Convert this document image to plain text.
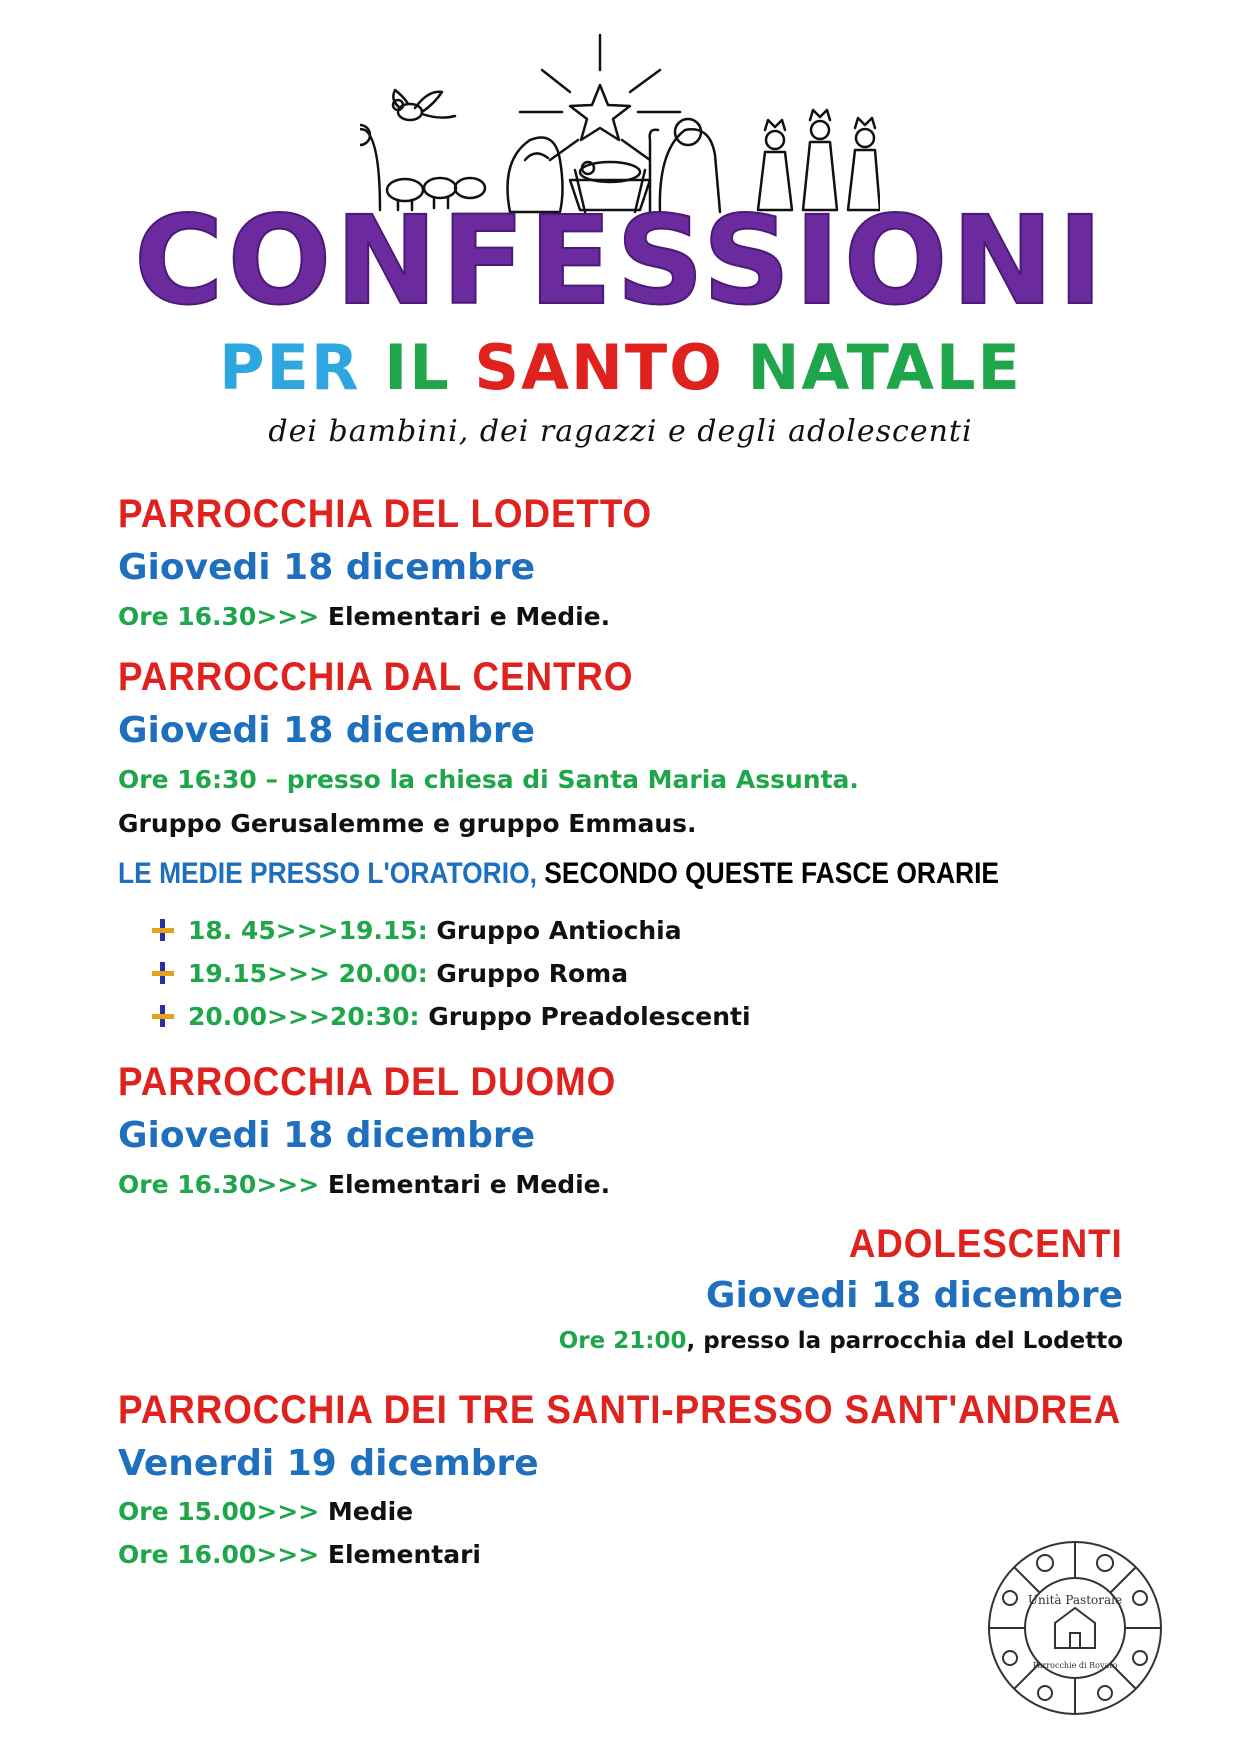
CONFESSIONI
PER IL SANTO NATALE
dei bambini, dei ragazzi e degli adolescenti
PARROCCHIA DEL LODETTO
Giovedi 18 dicembre
Ore 16.30>>> Elementari e Medie.
PARROCCHIA DAL CENTRO
Giovedi 18 dicembre
Ore 16:30 – presso la chiesa di Santa Maria Assunta.
Gruppo Gerusalemme e gruppo Emmaus.
LE MEDIE PRESSO L'ORATORIO, SECONDO QUESTE FASCE ORARIE
18. 45>>>19.15: Gruppo Antiochia
19.15>>> 20.00: Gruppo Roma
20.00>>>20:30: Gruppo Preadolescenti
PARROCCHIA DEL DUOMO
Giovedi 18 dicembre
Ore 16.30>>> Elementari e Medie.
ADOLESCENTI
Giovedi 18 dicembre
Ore 21:00, presso la parrocchia del Lodetto
PARROCCHIA DEI TRE SANTI-PRESSO SANT'ANDREA
Venerdi 19 dicembre
Ore 15.00>>> Medie
Ore 16.00>>> Elementari
Unità Pastorale
Parrocchie di Rovato
